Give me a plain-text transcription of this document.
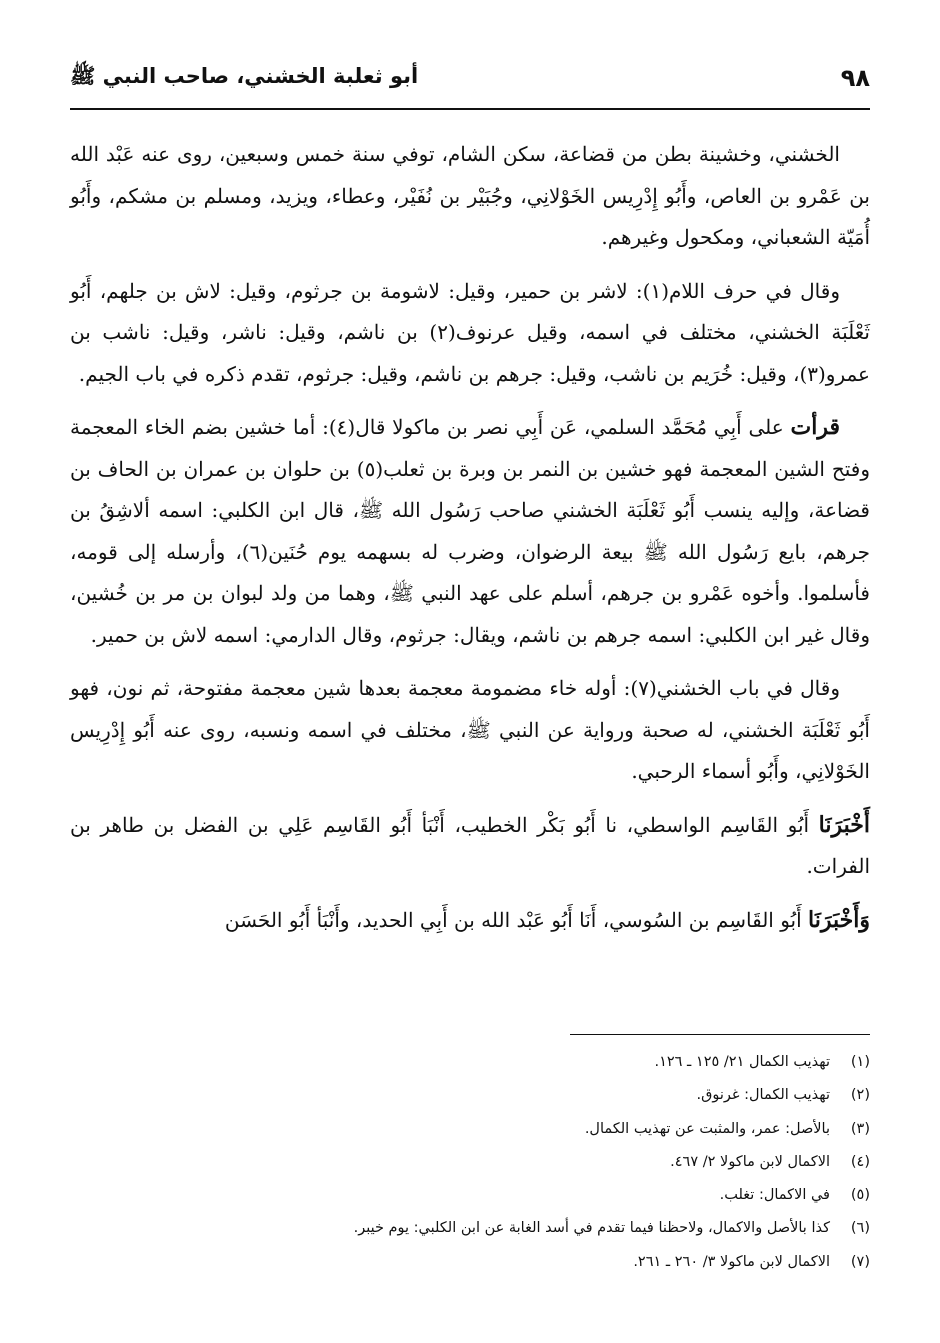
٩٨
أبو ثعلبة الخشني، صاحب النبي ﷺ

الخشني، وخشينة بطن من قضاعة، سكن الشام، توفي سنة خمس وسبعين، روى عنه عَبْد الله بن عَمْرو بن العاص، وأَبُو إِدْرِيس الخَوْلانِي، وجُبَيْر بن نُفَيْر، وعطاء، ويزيد، ومسلم بن مشكم، وأَبُو أُمَيّة الشعباني، ومكحول وغيرهم.

وقال في حرف اللام(١): لاشر بن حمير، وقيل: لاشومة بن جرثوم، وقيل: لاش بن جلهم، أَبُو ثَعْلَبَة الخشني، مختلف في اسمه، وقيل عرنوف(٢) بن ناشم، وقيل: ناشر، وقيل: ناشب بن عمرو(٣)، وقيل: خُرَيم بن ناشب، وقيل: جرهم بن ناشم، وقيل: جرثوم، تقدم ذكره في باب الجيم.

قرأت على أَبِي مُحَمَّد السلمي، عَن أَبِي نصر بن ماكولا قال(٤): أما خشين بضم الخاء المعجمة وفتح الشين المعجمة فهو خشين بن النمر بن وبرة بن ثعلب(٥) بن حلوان بن عمران بن الحاف بن قضاعة، وإليه ينسب أَبُو ثَعْلَبَة الخشني صاحب رَسُول الله ﷺ، قال ابن الكلبي: اسمه ألاشِقُ بن جرهم، بايع رَسُول الله ﷺ بيعة الرضوان، وضرب له بسهمه يوم حُنَين(٦)، وأرسله إلى قومه، فأسلموا. وأخوه عَمْرو بن جرهم، أسلم على عهد النبي ﷺ، وهما من ولد لبوان بن مر بن خُشين، وقال غير ابن الكلبي: اسمه جرهم بن ناشم، ويقال: جرثوم، وقال الدارمي: اسمه لاش بن حمير.

وقال في باب الخشني(٧): أوله خاء مضمومة معجمة بعدها شين معجمة مفتوحة، ثم نون، فهو أَبُو ثَعْلَبَة الخشني، له صحبة ورواية عن النبي ﷺ، مختلف في اسمه ونسبه، روى عنه أَبُو إِدْرِيس الخَوْلانِي، وأَبُو أسماء الرحبي.

أَخْبَرَنَا أَبُو القَاسِم الواسطي، نا أَبُو بَكْر الخطيب، أَنْبَأ أَبُو القَاسِم عَلِي بن الفضل بن طاهر بن الفرات.

وَأَخْبَرَنَا أَبُو القَاسِم بن السُوسي، أَنَا أَبُو عَبْد الله بن أَبِي الحديد، وأَنْبَأ أَبُو الحَسَن

(١)تهذيب الكمال ٢١/ ١٢٥ ـ ١٢٦.
(٢)تهذيب الكمال: غرنوق.
(٣)بالأصل: عمر، والمثبت عن تهذيب الكمال.
(٤)الاكمال لابن ماكولا ٢/ ٤٦٧.
(٥)في الاكمال: تغلب.
(٦)كذا بالأصل والاكمال، ولاحظنا فيما تقدم في أسد الغابة عن ابن الكلبي: يوم خيبر.
(٧)الاكمال لابن ماكولا ٣/ ٢٦٠ ـ ٢٦١.
